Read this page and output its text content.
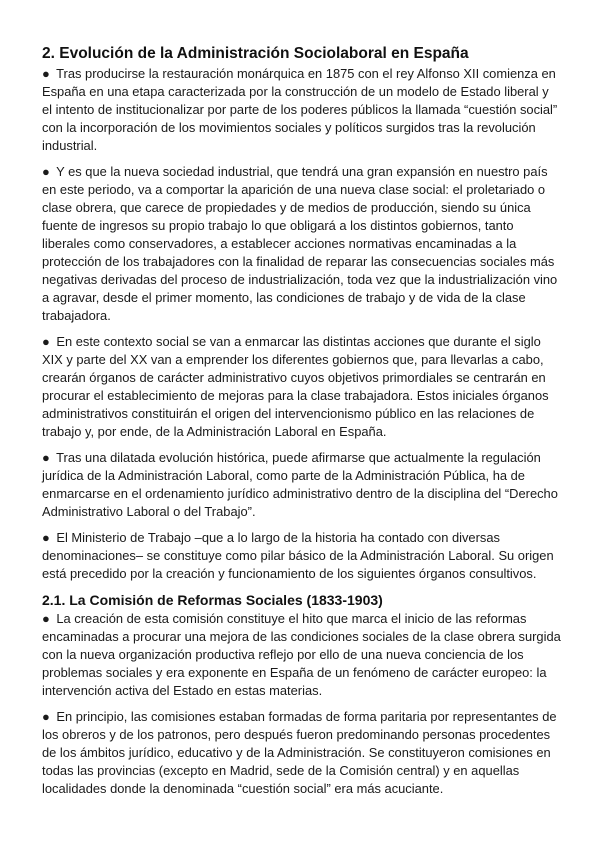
2. Evolución de la Administración Sociolaboral en España

● Tras producirse la restauración monárquica en 1875 con el rey Alfonso XII comienza en España en una etapa caracterizada por la construcción de un modelo de Estado liberal y el intento de institucionalizar por parte de los poderes públicos la llamada “cuestión social” con la incorporación de los movimientos sociales y políticos surgidos tras la revolución industrial.

● Y es que la nueva sociedad industrial, que tendrá una gran expansión en nuestro país en este periodo, va a comportar la aparición de una nueva clase social: el proletariado o clase obrera, que carece de propiedades y de medios de producción, siendo su única fuente de ingresos su propio trabajo lo que obligará a los distintos gobiernos, tanto liberales como conservadores, a establecer acciones normativas encaminadas a la protección de los trabajadores con la finalidad de reparar las consecuencias sociales más negativas derivadas del proceso de industrialización, toda vez que la industrialización vino a agravar, desde el primer momento, las condiciones de trabajo y de vida de la clase trabajadora.

● En este contexto social se van a enmarcar las distintas acciones que durante el siglo XIX y parte del XX van a emprender los diferentes gobiernos que, para llevarlas a cabo, crearán órganos de carácter administrativo cuyos objetivos primordiales se centrarán en procurar el establecimiento de mejoras para la clase trabajadora. Estos iniciales órganos administrativos constituirán el origen del intervencionismo público en las relaciones de trabajo y, por ende, de la Administración Laboral en España.

● Tras una dilatada evolución histórica, puede afirmarse que actualmente la regulación jurídica de la Administración Laboral, como parte de la Administración Pública, ha de enmarcarse en el ordenamiento jurídico administrativo dentro de la disciplina del “Derecho Administrativo Laboral o del Trabajo”.

● El Ministerio de Trabajo –que a lo largo de la historia ha contado con diversas denominaciones– se constituye como pilar básico de la Administración Laboral. Su origen está precedido por la creación y funcionamiento de los siguientes órganos consultivos.

2.1. La Comisión de Reformas Sociales (1833-1903)

● La creación de esta comisión constituye el hito que marca el inicio de las reformas encaminadas a procurar una mejora de las condiciones sociales de la clase obrera surgida con la nueva organización productiva reflejo por ello de una nueva conciencia de los problemas sociales y era exponente en España de un fenómeno de carácter europeo: la intervención activa del Estado en estas materias.

● En principio, las comisiones estaban formadas de forma paritaria por representantes de los obreros y de los patronos, pero después fueron predominando personas procedentes de los ámbitos jurídico, educativo y de la Administración. Se constituyeron comisiones en todas las provincias (excepto en Madrid, sede de la Comisión central) y en aquellas localidades donde la denominada “cuestión social” era más acuciante.
